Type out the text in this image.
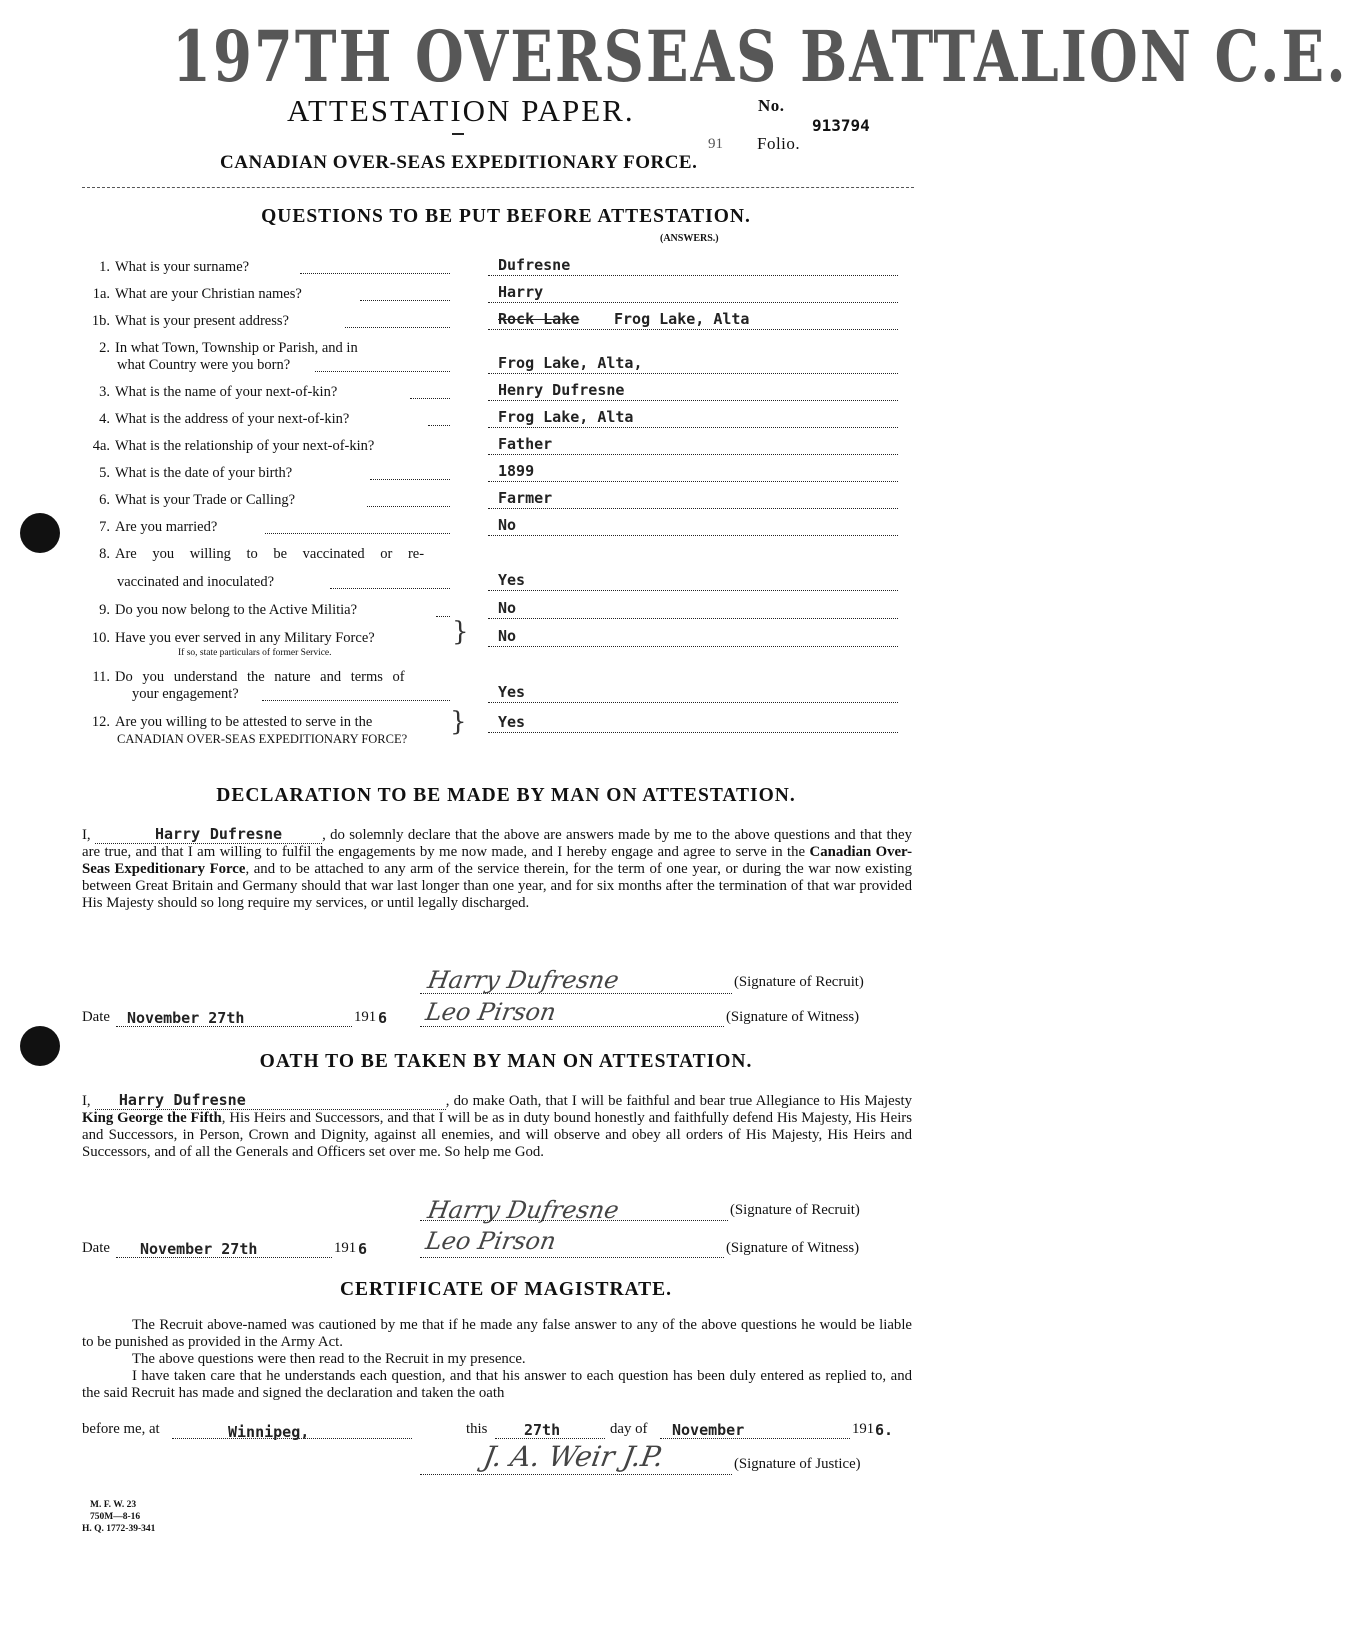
197TH OVERSEAS BATTALION C.E.
ATTESTATION PAPER.	No.
913794
91 Folio.
CANADIAN OVER-SEAS EXPEDITIONARY FORCE.
QUESTIONS TO BE PUT BEFORE ATTESTATION.
(ANSWERS.)
1. What is your surname?	Dufresne
1a. What are your Christian names?	Harry
1b. What is your present address?	Rock Lake Frog Lake, Alta
2. In what Town, Township or Parish, and in
what Country were you born?	Frog Lake, Alta,
3. What is the name of your next-of-kin?	Henry Dufresne
4. What is the address of your next-of-kin?	Frog Lake, Alta
4a. What is the relationship of your next-of-kin?	Father
5. What is the date of your birth?	1899
6. What is your Trade or Calling?	Farmer
7. Are you married?	No
8. Are you willing to be vaccinated or re-
vaccinated and inoculated?	Yes
9. Do you now belong to the Active Militia?	No
10. Have you ever served in any Military Force?
If so, state particulars of former Service.
} No
11. Do you understand the nature and terms of
your engagement?	Yes
12. Are you willing to be attested to serve in the
CANADIAN OVER-SEAS EXPEDITIONARY FORCE?
} Yes
DECLARATION TO BE MADE BY MAN ON ATTESTATION.
I,	Harry Dufresne	, do solemnly declare that the above are answers made by me to the above questions and that they are true, and that I am willing to fulfil the engagements by me now made, and I hereby engage and agree to serve in the Canadian Over-Seas Expeditionary Force, and to be attached to any arm of the service therein, for the term of one year, or during the war now existing between Great Britain and Germany should that war last longer than one year, and for six months after the termination of that war provided His Majesty should so long require my services, or until legally discharged.
Harry Dufresne	(Signature of Recruit)
Date November 27th	191 6 Leo Pirson	(Signature of Witness)
OATH TO BE TAKEN BY MAN ON ATTESTATION.
I, Harry Dufresne	, do make Oath, that I will be faithful and bear true Allegiance to His Majesty King George the Fifth, His Heirs and Successors, and that I will be as in duty bound honestly and faithfully defend His Majesty, His Heirs and Successors, in Person, Crown and Dignity, against all enemies, and will observe and obey all orders of His Majesty, His Heirs and Successors, and of all the Generals and Officers set over me. So help me God.
Harry Dufresne	(Signature of Recruit)
Date November 27th	191 6 Leo Pirson	(Signature of Witness)
CERTIFICATE OF MAGISTRATE.
The Recruit above-named was cautioned by me that if he made any false answer to any of the above questions he would be liable to be punished as provided in the Army Act.
The above questions were then read to the Recruit in my presence.
I have taken care that he understands each question, and that his answer to each question has been duly entered as replied to, and the said Recruit has made and signed the declaration and taken the oath
before me, at	Winnipeg,	this 27th	day of November	191 6.
J. A. Weir J.P.	(Signature of Justice)
M. F. W. 23
750M—8-16
H. Q. 1772-39-341
